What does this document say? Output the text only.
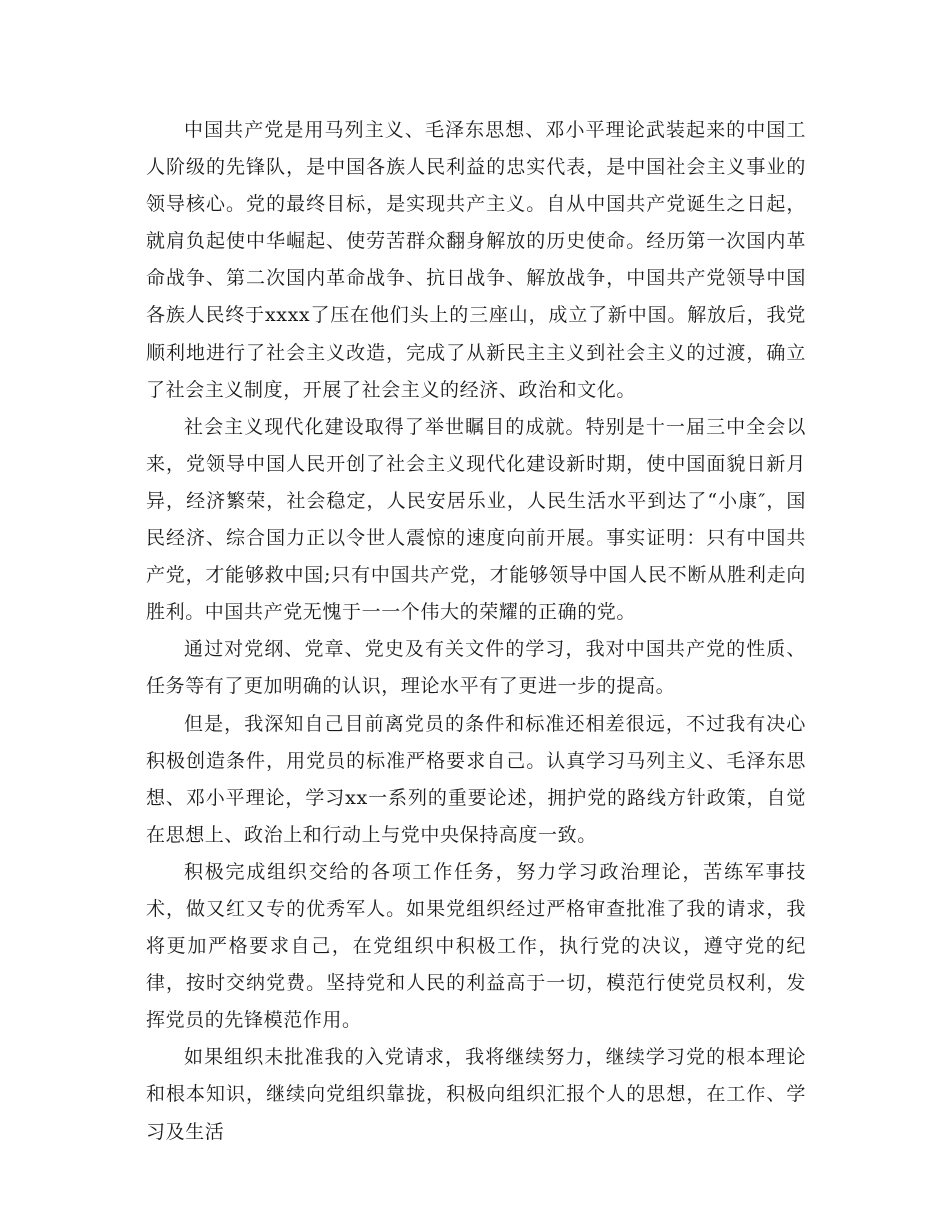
中国共产党是用马列主义、毛泽东思想、邓小平理论武装起来的中国工人阶级的先锋队，是中国各族人民利益的忠实代表，是中国社会主义事业的领导核心。党的最终目标，是实现共产主义。自从中国共产党诞生之日起，就肩负起使中华崛起、使劳苦群众翻身解放的历史使命。经历第一次国内革命战争、第二次国内革命战争、抗日战争、解放战争，中国共产党领导中国各族人民终于xxxx了压在他们头上的三座山，成立了新中国。解放后，我党顺利地进行了社会主义改造，完成了从新民主主义到社会主义的过渡，确立了社会主义制度，开展了社会主义的经济、政治和文化。

社会主义现代化建设取得了举世瞩目的成就。特别是十一届三中全会以来，党领导中国人民开创了社会主义现代化建设新时期，使中国面貌日新月异，经济繁荣，社会稳定，人民安居乐业，人民生活水平到达了“小康″，国民经济、综合国力正以令世人震惊的速度向前开展。事实证明：只有中国共产党，才能够救中国;只有中国共产党，才能够领导中国人民不断从胜利走向胜利。中国共产党无愧于一一个伟大的荣耀的正确的党。

通过对党纲、党章、党史及有关文件的学习，我对中国共产党的性质、任务等有了更加明确的认识，理论水平有了更进一步的提高。

但是，我深知自己目前离党员的条件和标准还相差很远，不过我有决心积极创造条件，用党员的标准严格要求自己。认真学习马列主义、毛泽东思想、邓小平理论，学习xx一系列的重要论述，拥护党的路线方针政策，自觉在思想上、政治上和行动上与党中央保持高度一致。

积极完成组织交给的各项工作任务，努力学习政治理论，苦练军事技术，做又红又专的优秀军人。如果党组织经过严格审查批准了我的请求，我将更加严格要求自己，在党组织中积极工作，执行党的决议，遵守党的纪律，按时交纳党费。坚持党和人民的利益高于一切，模范行使党员权利，发挥党员的先锋模范作用。

如果组织未批准我的入党请求，我将继续努力，继续学习党的根本理论和根本知识，继续向党组织靠拢，积极向组织汇报个人的思想，在工作、学习及生活
